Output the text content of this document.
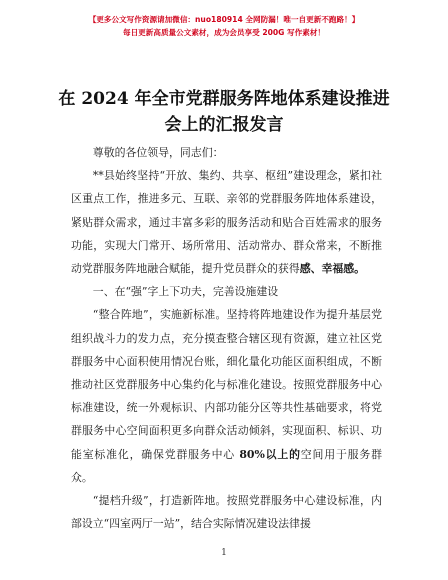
【更多公文写作资源请加微信：nuo180914 全网防漏！唯一自更新不跑路！】
每日更新高质量公文素材，成为会员享受 200G 写作素材！
在 2024 年全市党群服务阵地体系建设推进会上的汇报发言

尊敬的各位领导，同志们：

**县始终坚持“开放、集约、共享、枢纽”建设理念，紧扣社区重点工作，推进多元、互联、亲邻的党群服务阵地体系建设，紧贴群众需求，通过丰富多彩的服务活动和贴合百姓需求的服务功能，实现大门常开、场所常用、活动常办、群众常来，不断推动党群服务阵地融合赋能，提升党员群众的获得感、幸福感。

一、在“强”字上下功夫，完善设施建设

“整合阵地”，实施新标准。坚持将阵地建设作为提升基层党组织战斗力的发力点，充分摸查整合辖区现有资源，建立社区党群服务中心面积使用情况台账，细化量化功能区面积组成，不断推动社区党群服务中心集约化与标准化建设。按照党群服务中心标准建设，统一外观标识、内部功能分区等共性基础要求，将党群服务中心空间面积更多向群众活动倾斜，实现面积、标识、功能室标准化，确保党群服务中心 80%以上的空间用于服务群众。

“提档升级”，打造新阵地。按照党群服务中心建设标准，内部设立“四室两厅一站”，结合实际情况建设法律援

1
